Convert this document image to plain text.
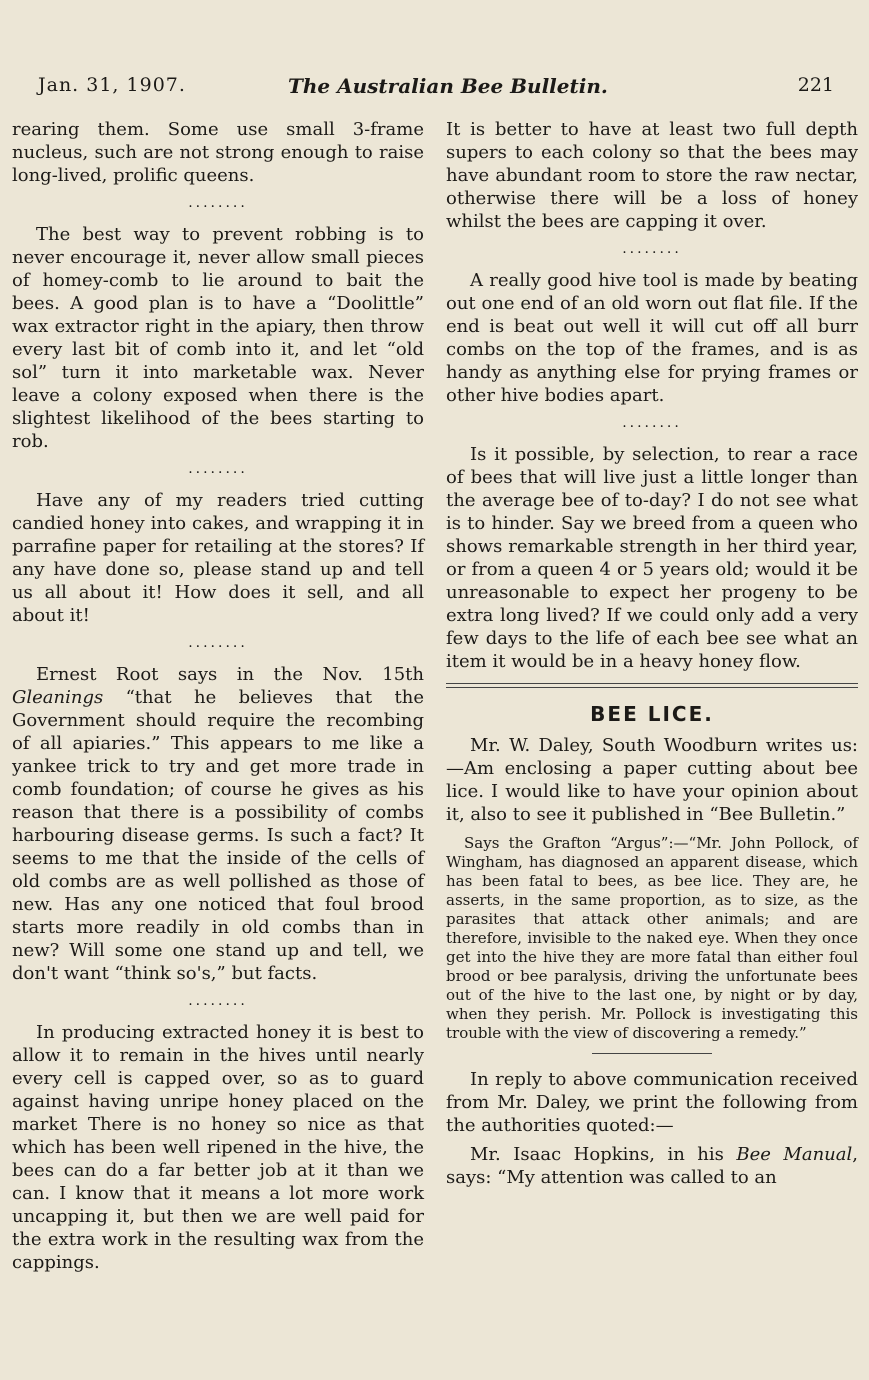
Jan. 31, 1907.	The Australian Bee Bulletin.	221

rearing them. Some use small 3-frame nucleus, such are not strong enough to raise long-lived, prolific queens.

........

The best way to prevent robbing is to never encourage it, never allow small pieces of homey-comb to lie around to bait the bees. A good plan is to have a “Doolittle” wax extractor right in the apiary, then throw every last bit of comb into it, and let “old sol” turn it into marketable wax. Never leave a colony exposed when there is the slightest likelihood of the bees starting to rob.

........

Have any of my readers tried cutting candied honey into cakes, and wrapping it in parrafine paper for retailing at the stores? If any have done so, please stand up and tell us all about it! How does it sell, and all about it!

........

Ernest Root says in the Nov. 15th Gleanings “that he believes that the Government should require the recombing of all apiaries.” This appears to me like a yankee trick to try and get more trade in comb foundation; of course he gives as his reason that there is a possibility of combs harbouring disease germs. Is such a fact? It seems to me that the inside of the cells of old combs are as well pollished as those of new. Has any one noticed that foul brood starts more readily in old combs than in new? Will some one stand up and tell, we don't want “think so's,” but facts.

........

In producing extracted honey it is best to allow it to remain in the hives until nearly every cell is capped over, so as to guard against having unripe honey placed on the market There is no honey so nice as that which has been well ripened in the hive, the bees can do a far better job at it than we can. I know that it means a lot more work uncapping it, but then we are well paid for the extra work in the resulting wax from the cappings.

It is better to have at least two full depth supers to each colony so that the bees may have abundant room to store the raw nectar, otherwise there will be a loss of honey whilst the bees are capping it over.

........

A really good hive tool is made by beating out one end of an old worn out flat file. If the end is beat out well it will cut off all burr combs on the top of the frames, and is as handy as anything else for prying frames or other hive bodies apart.

........

Is it possible, by selection, to rear a race of bees that will live just a little longer than the average bee of to-day? I do not see what is to hinder. Say we breed from a queen who shows remarkable strength in her third year, or from a queen 4 or 5 years old; would it be unreasonable to expect her progeny to be extra long lived? If we could only add a very few days to the life of each bee see what an item it would be in a heavy honey flow.

BEE LICE.

Mr. W. Daley, South Woodburn writes us:—Am enclosing a paper cutting about bee lice. I would like to have your opinion about it, also to see it published in “Bee Bulletin.”

Says the Grafton “Argus”:—“Mr. John Pollock, of Wingham, has diagnosed an apparent disease, which has been fatal to bees, as bee lice. They are, he asserts, in the same proportion, as to size, as the parasites that attack other animals; and are therefore, invisible to the naked eye. When they once get into the hive they are more fatal than either foul brood or bee paralysis, driving the unfortunate bees out of the hive to the last one, by night or by day, when they perish. Mr. Pollock is investigating this trouble with the view of discovering a remedy.”

In reply to above communication received from Mr. Daley, we print the following from the authorities quoted:—

Mr. Isaac Hopkins, in his Bee Manual, says: “My attention was called to an
